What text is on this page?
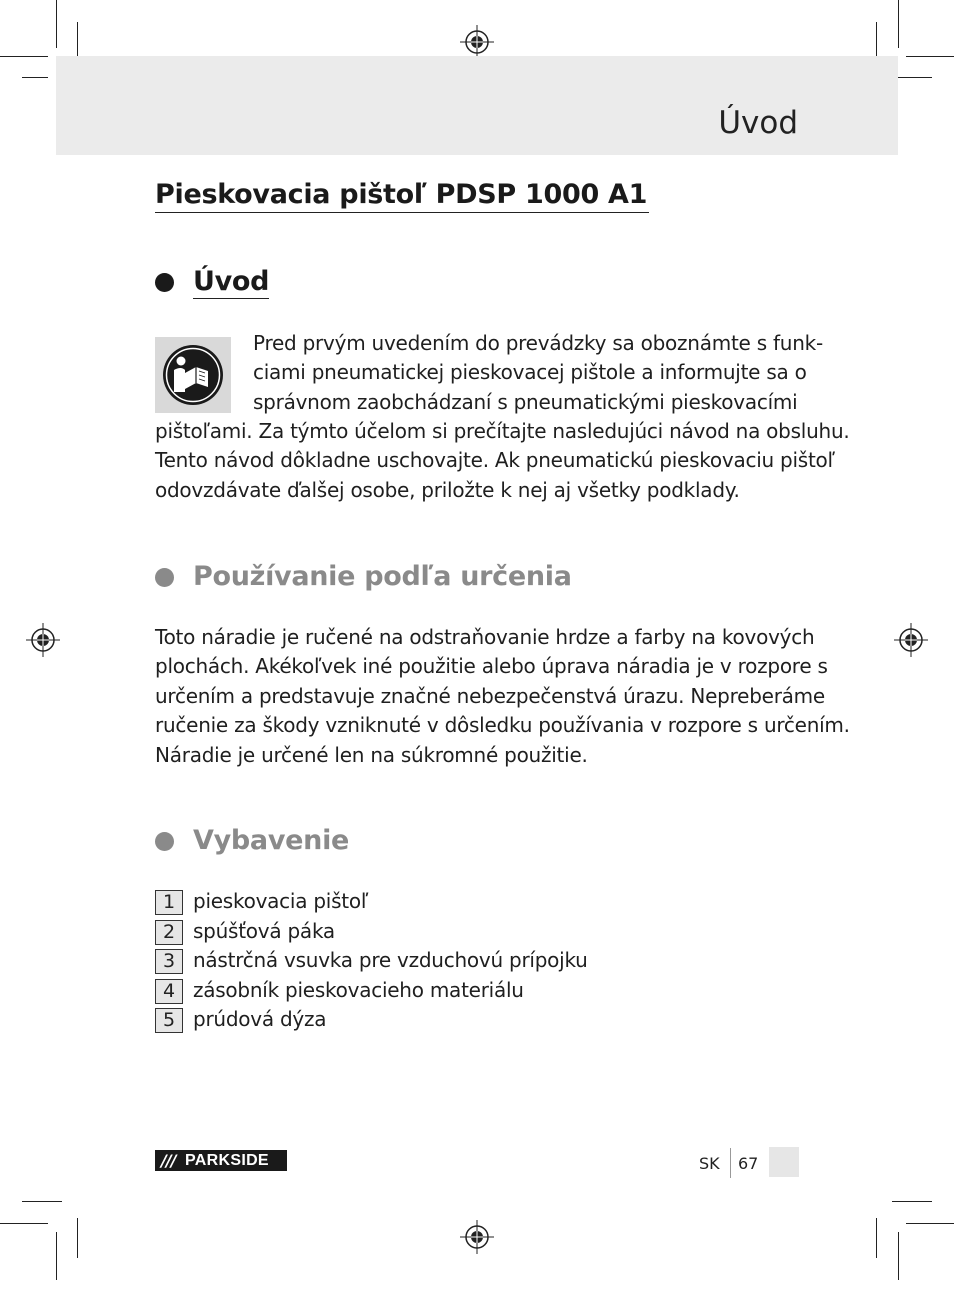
Úvod
Pieskovacia pištoľ PDSP 1000 A1
Úvod
Pred prvým uvedením do prevádzky sa oboznámte s funk-
ciami pneumatickej pieskovacej pištole a informujte sa o
správnom zaobchádzaní s pneumatickými pieskovacími
pištoľami. Za týmto účelom si prečítajte nasledujúci návod na obsluhu.
Tento návod dôkladne uschovajte. Ak pneumatickú pieskovaciu pištoľ
odovzdávate ďalšej osobe, priložte k nej aj všetky podklady.
Používanie podľa určenia
Toto náradie je ručené na odstraňovanie hrdze a farby na kovových
plochách. Akékoľvek iné použitie alebo úprava náradia je v rozpore s
určením a predstavuje značné nebezpečenstvá úrazu. Nepreberáme
ručenie za škody vzniknuté v dôsledku používania v rozpore s určením.
Náradie je určené len na súkromné použitie.
Vybavenie
1 pieskovacia pištoľ
2 spúšťová páka
3 nástrčná vsuvka pre vzduchovú prípojku
4 zásobník pieskovacieho materiálu
5 prúdová dýza
/// PARKSIDE	SK 67
